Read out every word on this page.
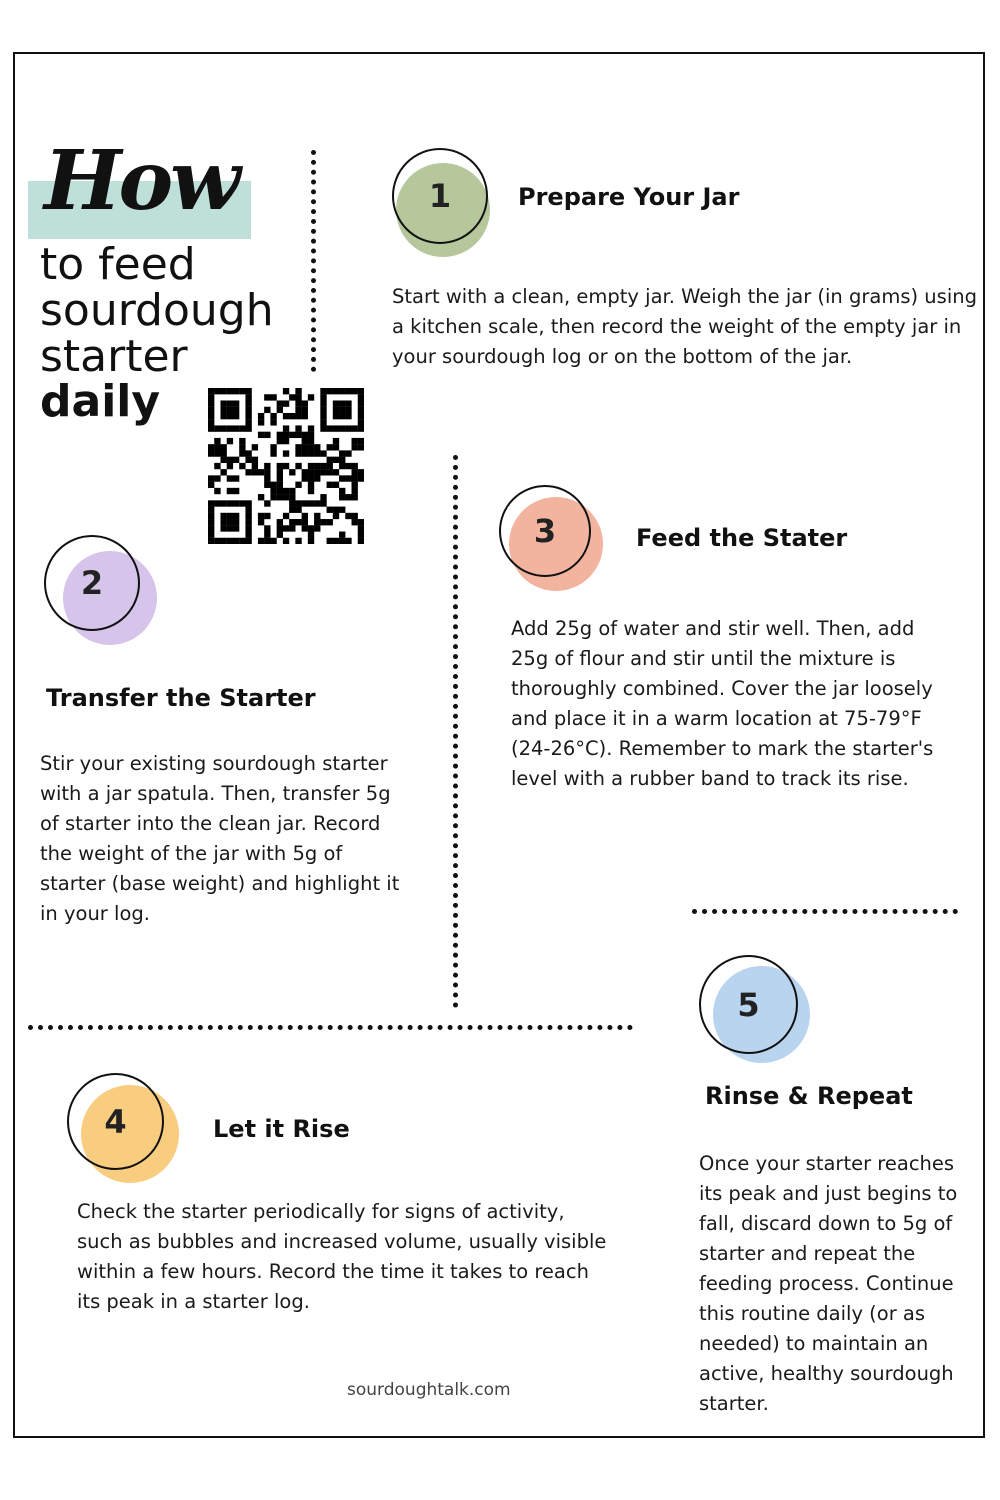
How
to feed
sourdough
starter
daily
1	Prepare Your Jar
Start with a clean, empty jar. Weigh the jar (in grams) using
a kitchen scale, then record the weight of the empty jar in
your sourdough log or on the bottom of the jar.
2
Transfer the Starter
Stir your existing sourdough starter
with a jar spatula. Then, transfer 5g
of starter into the clean jar. Record
the weight of the jar with 5g of
starter (base weight) and highlight it
in your log.
3	Feed the Stater
Add 25g of water and stir well. Then, add
25g of flour and stir until the mixture is
thoroughly combined. Cover the jar loosely
and place it in a warm location at 75-79°F
(24-26°C). Remember to mark the starter's
level with a rubber band to track its rise.
4	Let it Rise
Check the starter periodically for signs of activity,
such as bubbles and increased volume, usually visible
within a few hours. Record the time it takes to reach
its peak in a starter log.
5
Rinse & Repeat
Once your starter reaches
its peak and just begins to
fall, discard down to 5g of
starter and repeat the
feeding process. Continue
this routine daily (or as
needed) to maintain an
active, healthy sourdough
starter.
sourdoughtalk.com
